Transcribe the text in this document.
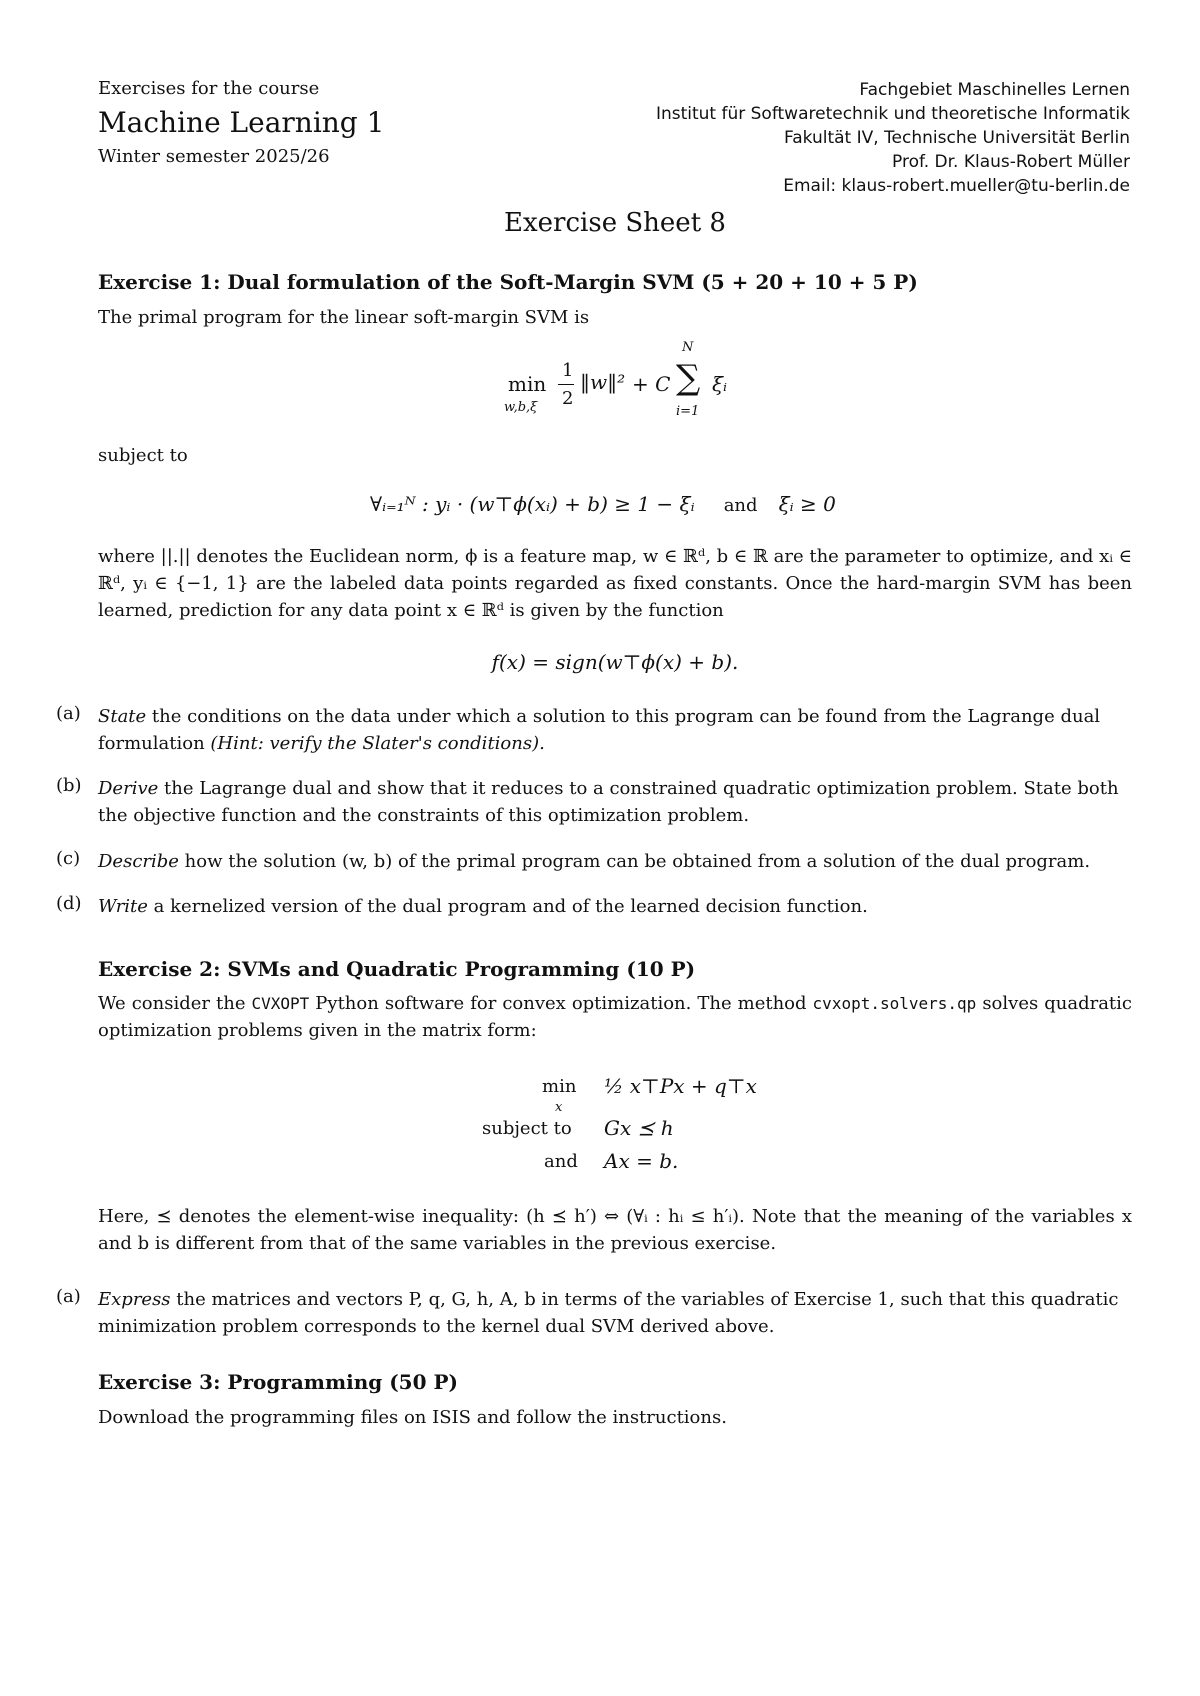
Exercises for the course
Machine Learning 1
Winter semester 2025/26
Fachgebiet Maschinelles Lernen
Institut für Softwaretechnik und theoretische Informatik
Fakultät IV, Technische Universität Berlin
Prof. Dr. Klaus-Robert Müller
Email: klaus-robert.mueller@tu-berlin.de
Exercise Sheet 8
Exercise 1: Dual formulation of the Soft-Margin SVM (5 + 20 + 10 + 5 P)
The primal program for the linear soft-margin SVM is
min
w,b,ξ
1
2
‖w‖² + C
N
∑
i=1
ξᵢ
subject to
∀ᵢ₌₁ᴺ : yᵢ · (w⊤ϕ(xᵢ) + b) ≥ 1 − ξᵢ and ξᵢ ≥ 0
where ||.|| denotes the Euclidean norm, ϕ is a feature map, w ∈ ℝᵈ, b ∈ ℝ are the parameter to optimize, and xᵢ ∈ ℝᵈ, yᵢ ∈ {−1, 1} are the labeled data points regarded as fixed constants. Once the hard-margin SVM has been learned, prediction for any data point x ∈ ℝᵈ is given by the function
f(x) = sign(w⊤ϕ(x) + b).
(a) State the conditions on the data under which a solution to this program can be found from the Lagrange dual formulation (Hint: verify the Slater's conditions).
(b) Derive the Lagrange dual and show that it reduces to a constrained quadratic optimization problem. State both the objective function and the constraints of this optimization problem.
(c) Describe how the solution (w, b) of the primal program can be obtained from a solution of the dual program.
(d) Write a kernelized version of the dual program and of the learned decision function.
Exercise 2: SVMs and Quadratic Programming (10 P)
We consider the CVXOPT Python software for convex optimization. The method cvxopt.solvers.qp solves quadratic optimization problems given in the matrix form:
min
x
½ x⊤Px + q⊤x
subject to Gx ⪯ h
and Ax = b.
Here, ⪯ denotes the element-wise inequality: (h ⪯ h′) ⇔ (∀ᵢ : hᵢ ≤ h′ᵢ). Note that the meaning of the variables x and b is different from that of the same variables in the previous exercise.
(a) Express the matrices and vectors P, q, G, h, A, b in terms of the variables of Exercise 1, such that this quadratic minimization problem corresponds to the kernel dual SVM derived above.
Exercise 3: Programming (50 P)
Download the programming files on ISIS and follow the instructions.
